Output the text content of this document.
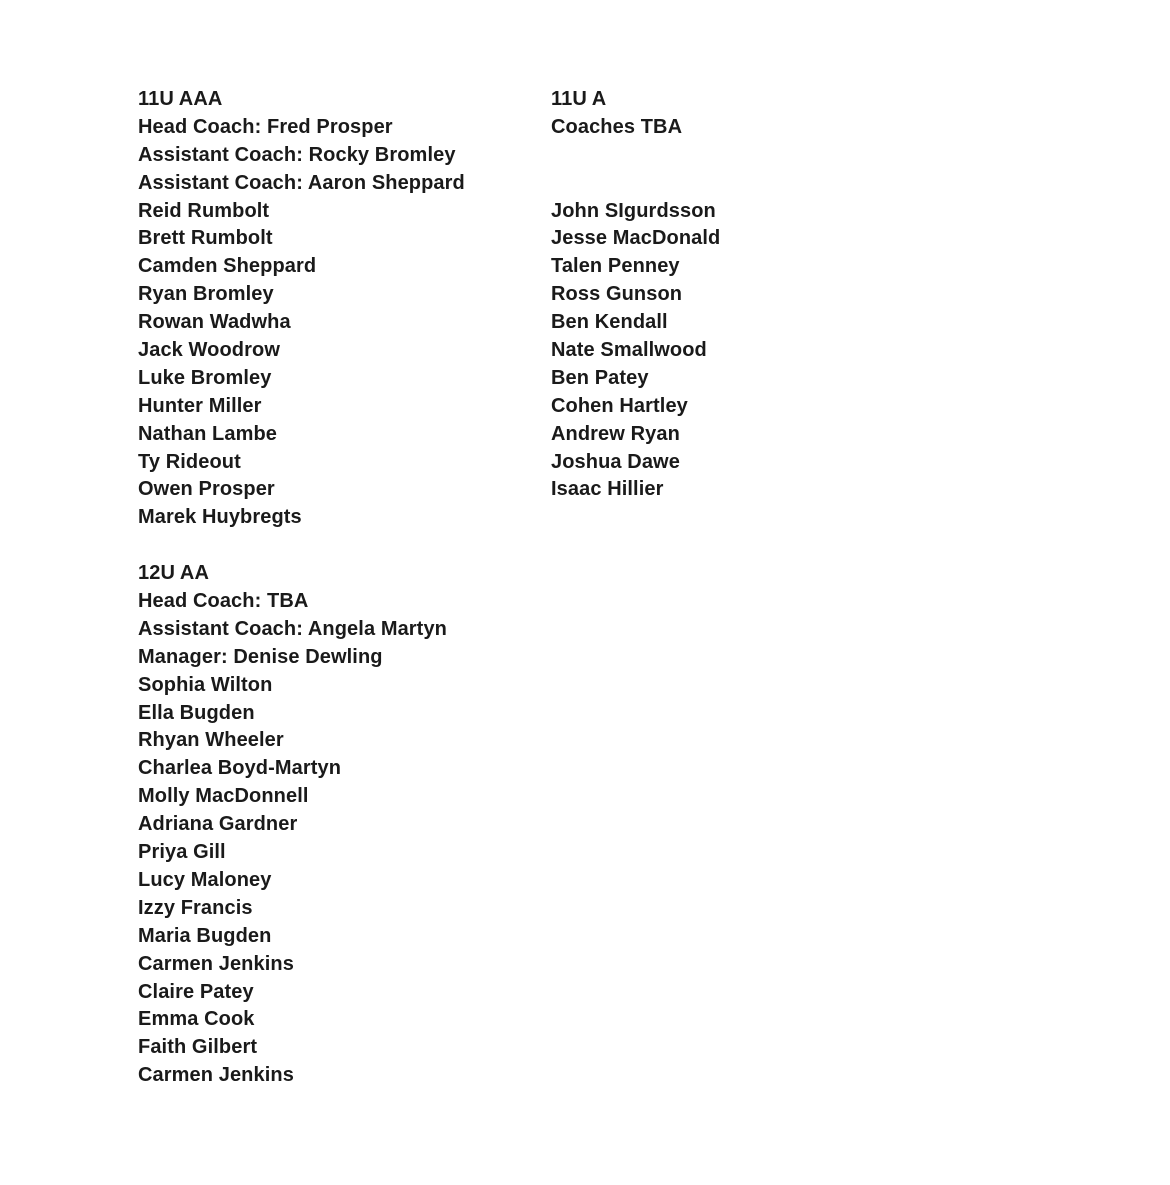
11U AAA
Head Coach: Fred Prosper
Assistant Coach: Rocky Bromley
Assistant Coach: Aaron Sheppard
Reid Rumbolt
Brett Rumbolt
Camden Sheppard
Ryan Bromley
Rowan Wadwha
Jack Woodrow
Luke Bromley
Hunter Miller
Nathan Lambe
Ty Rideout
Owen Prosper
Marek Huybregts
12U AA
Head Coach: TBA
Assistant Coach: Angela Martyn
Manager: Denise Dewling
Sophia Wilton
Ella Bugden
Rhyan Wheeler
Charlea Boyd-Martyn
Molly MacDonnell
Adriana Gardner
Priya Gill
Lucy Maloney
Izzy Francis
Maria Bugden
Carmen Jenkins
Claire Patey
Emma Cook
Faith Gilbert
Carmen Jenkins
11U A
Coaches TBA
John SIgurdsson
Jesse MacDonald
Talen Penney
Ross Gunson
Ben Kendall
Nate Smallwood
Ben Patey
Cohen Hartley
Andrew Ryan
Joshua Dawe
Isaac Hillier
